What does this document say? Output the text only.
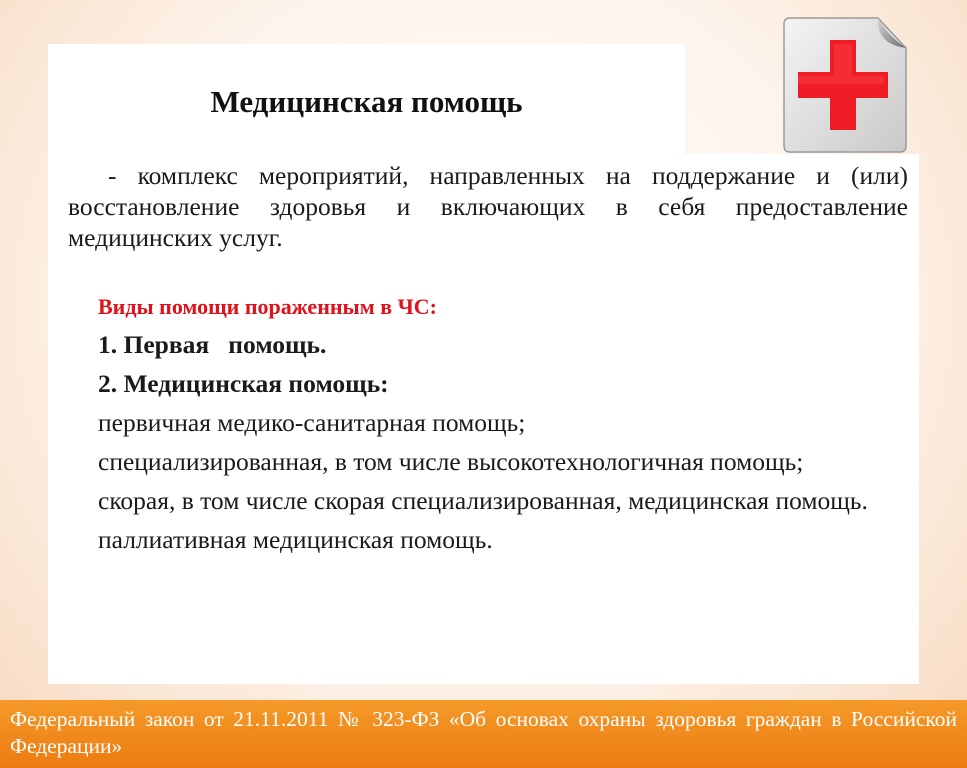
Медицинская помощь

- комплекс мероприятий, направленных на поддержание и (или) восстановление здоровья и включающих в себя предоставление медицинских услуг.

Виды помощи пораженным в ЧС:

1. Первая   помощь.

2. Медицинская помощь:

первичная медико-санитарная помощь;

специализированная, в том числе высокотехнологичная помощь;

скорая, в том числе скорая специализированная, медицинская помощь.

паллиативная медицинская помощь.

Федеральный закон от 21.11.2011 № 323-ФЗ «Об основах охраны здоровья граждан в Российской Федерации»
